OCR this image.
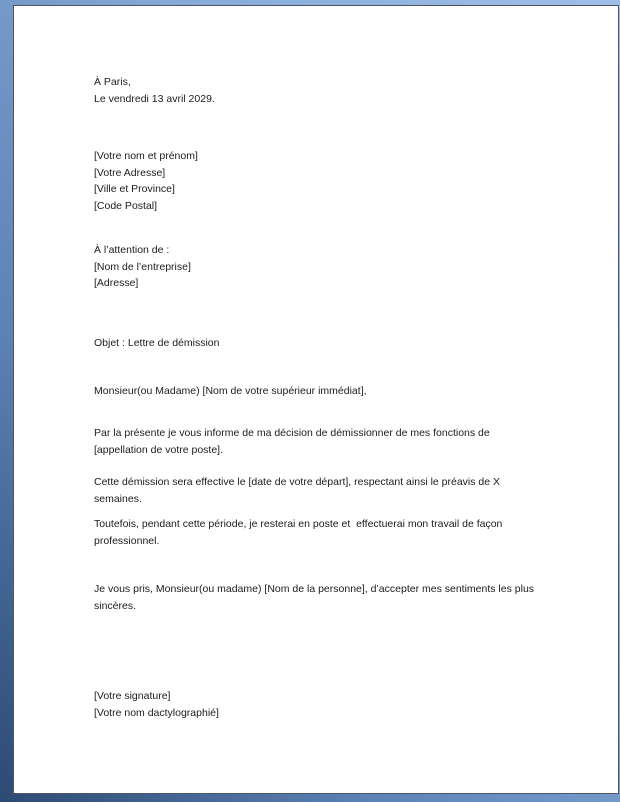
À Paris,
Le vendredi 13 avril 2029.
[Votre nom et prénom]
[Votre Adresse]
[Ville et Province]
[Code Postal]
À l’attention de :
[Nom de l’entreprise]
[Adresse]
Objet : Lettre de démission
Monsieur(ou Madame) [Nom de votre supérieur immédiat],
Par la présente je vous informe de ma décision de démissionner de mes fonctions de
[appellation de votre poste].
Cette démission sera effective le [date de votre départ], respectant ainsi le préavis de X
semaines.
Toutefois, pendant cette période, je resterai en poste et  effectuerai mon travail de façon
professionnel.
Je vous pris, Monsieur(ou madame) [Nom de la personne], d’accepter mes sentiments les plus
sincères.
[Votre signature]
[Votre nom dactylographié]
